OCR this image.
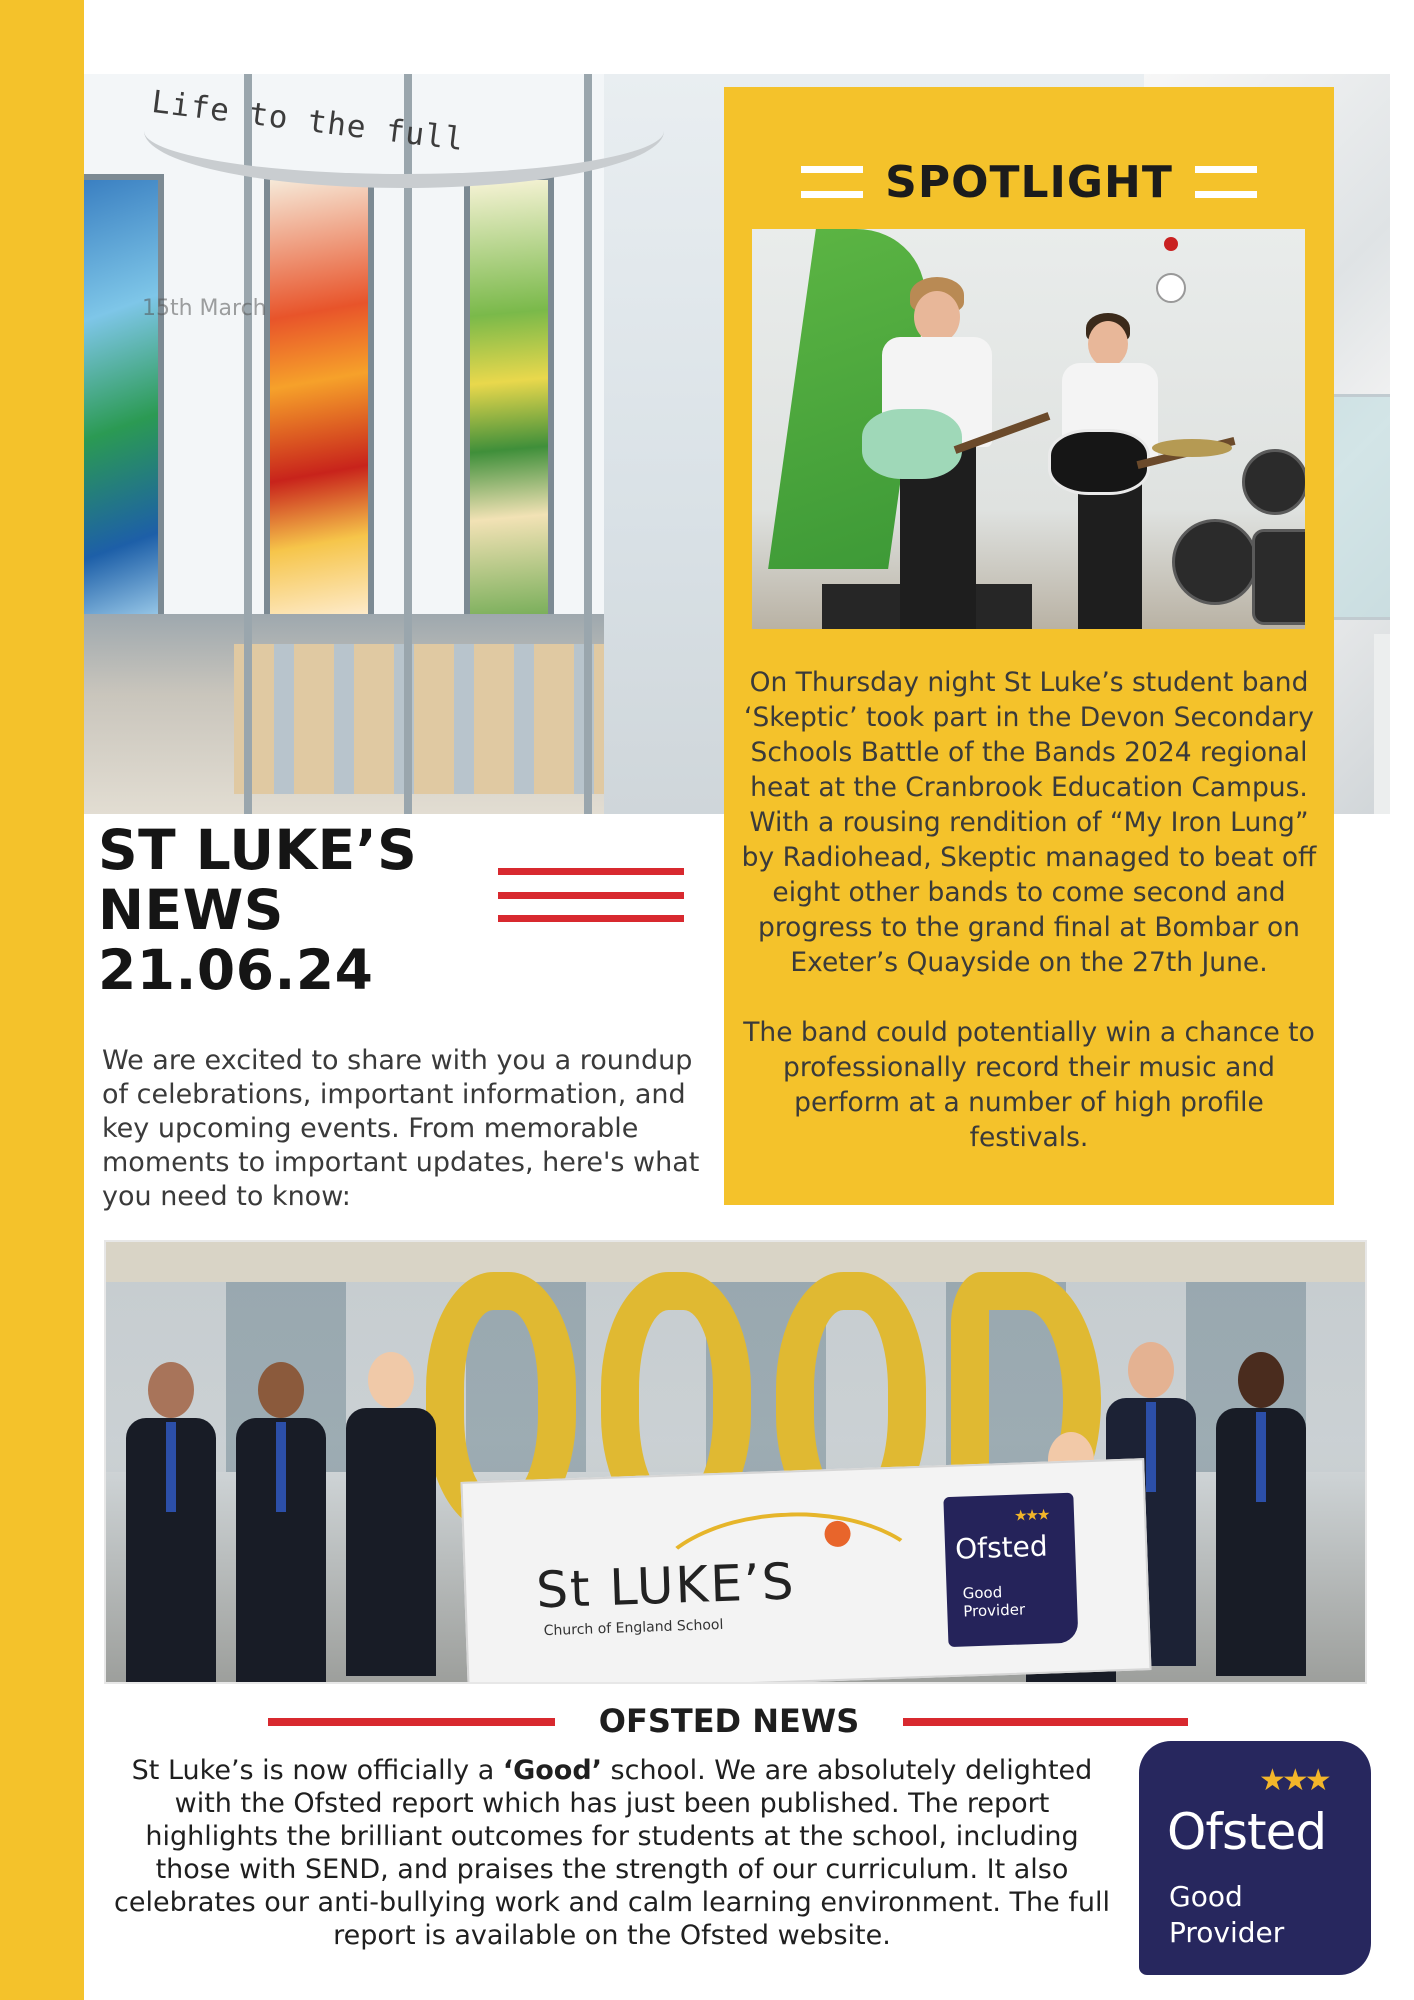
Life to the full
15th March
SPOTLIGHT

On Thursday night St Luke’s student band ‘Skeptic’ took part in the Devon Secondary Schools Battle of the Bands 2024 regional heat at the Cranbrook Education Campus. With a rousing rendition of “My Iron Lung” by Radiohead, Skeptic managed to beat off eight other bands to come second and progress to the grand final at Bombar on Exeter’s Quayside on the 27th June.

The band could potentially win a chance to professionally record their music and perform at a number of high profile festivals.

ST LUKE’S
NEWS
21.06.24
We are excited to share with you a roundup of celebrations, important information, and key upcoming events. From memorable moments to important updates, here's what you need to know:
St LUKE’S
Church of England School
★★★
Ofsted
Good
Provider
OFSTED NEWS
St Luke’s is now officially a ‘Good’ school. We are absolutely delighted with the Ofsted report which has just been published. The report highlights the brilliant outcomes for students at the school, including those with SEND, and praises the strength of our curriculum. It also celebrates our anti-bullying work and calm learning environment. The full report is available on the Ofsted website.
★★★
Ofsted
Good
Provider
